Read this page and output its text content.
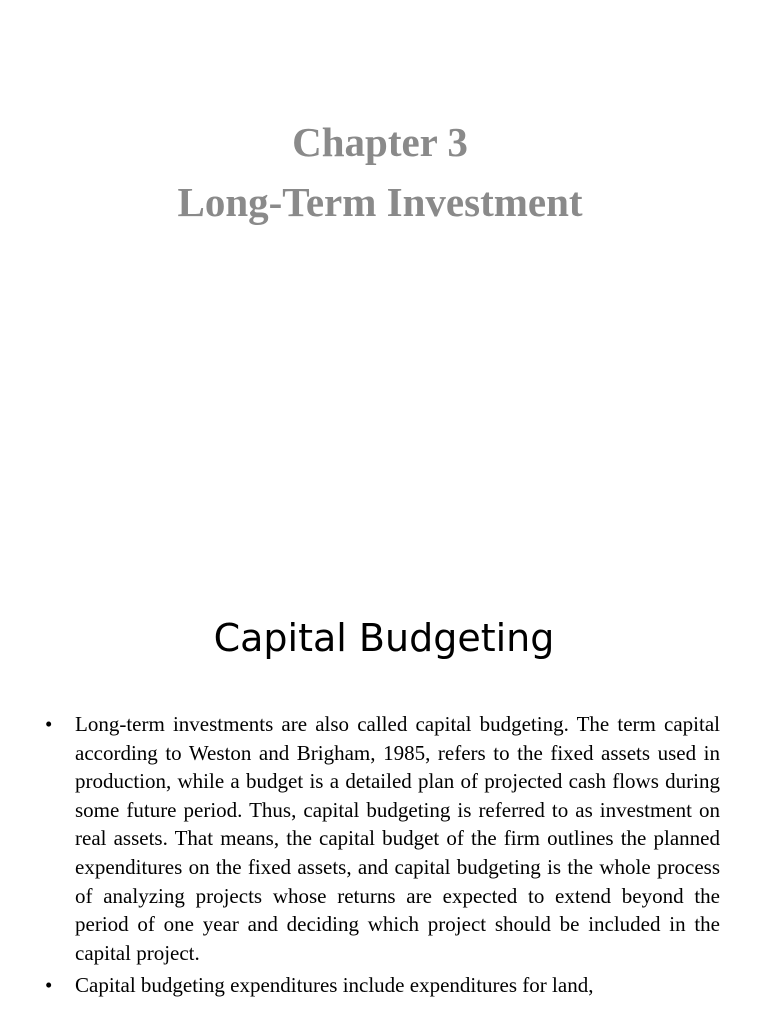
Chapter 3
Long-Term Investment
Capital Budgeting
• Long-term investments are also called capital budgeting. The term capital according to Weston and Brigham, 1985, refers to the fixed assets used in production, while a budget is a detailed plan of projected cash flows during some future period. Thus, capital budgeting is referred to as investment on real assets. That means, the capital budget of the firm outlines the planned expenditures on the fixed assets, and capital budgeting is the whole process of analyzing projects whose returns are expected to extend beyond the period of one year and deciding which project should be included in the capital project.
• Capital budgeting expenditures include expenditures for land,
